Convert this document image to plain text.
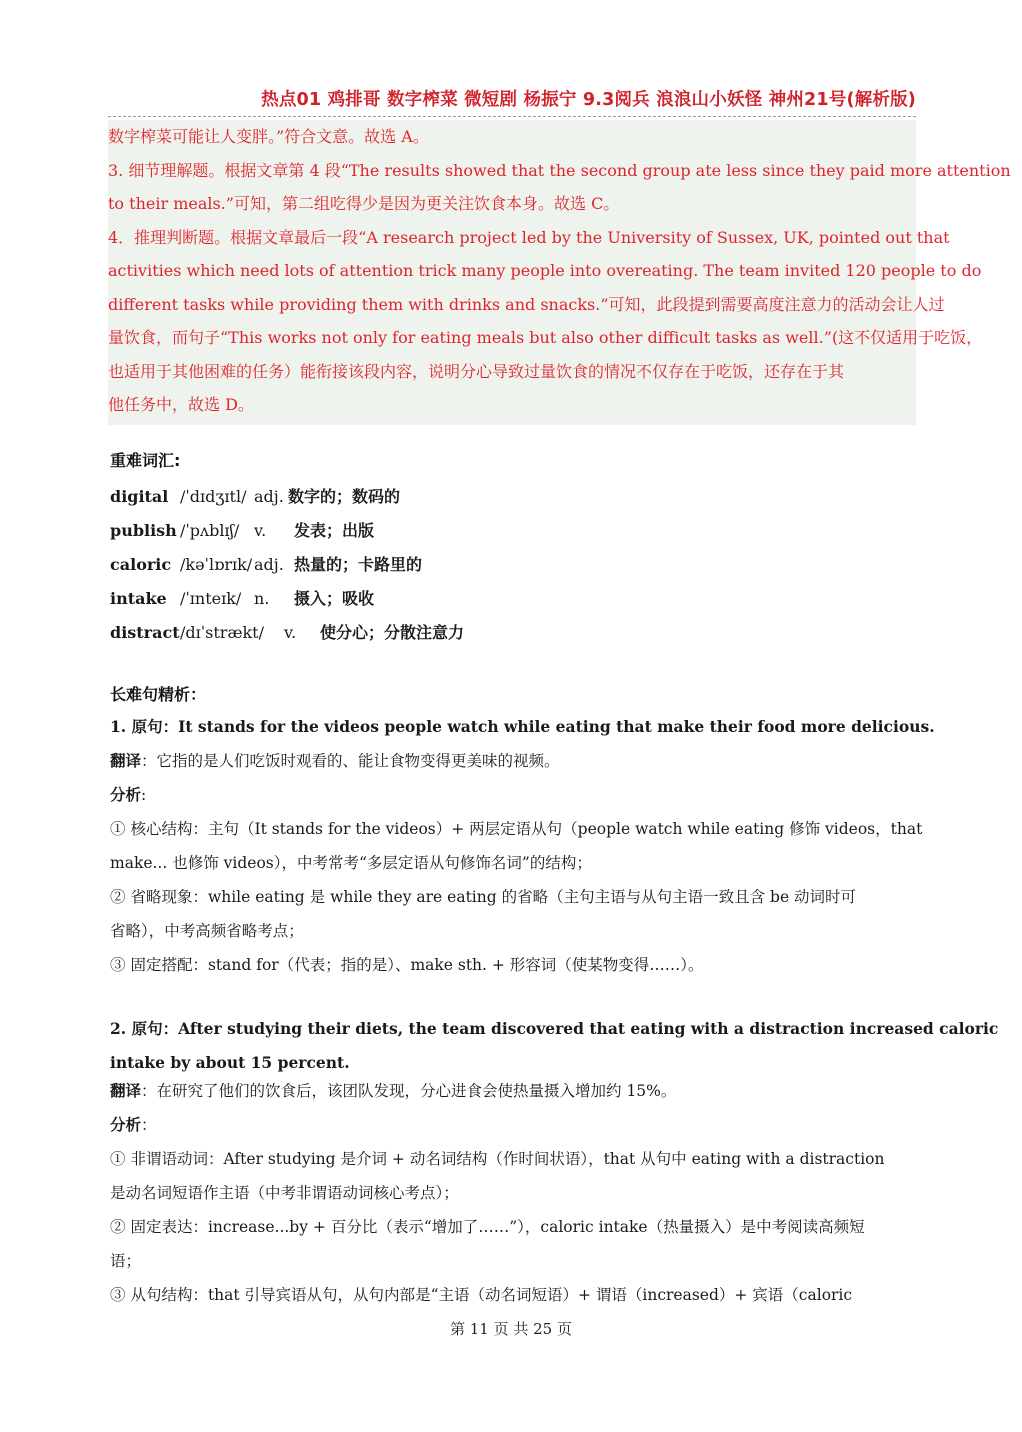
热点01 鸡排哥 数字榨菜 微短剧 杨振宁 9.3阅兵 浪浪山小妖怪 神州21号(解析版)

数字榨菜可能让人变胖。”符合文意。故选 A。

3. 细节理解题。根据文章第 4 段“The results showed that the second group ate less since they paid more attention

to their meals.”可知，第二组吃得少是因为更关注饮食本身。故选 C。

4．推理判断题。根据文章最后一段“A research project led by the University of Sussex, UK, pointed out that

activities which need lots of attention trick many people into overeating. The team invited 120 people to do

different tasks while providing them with drinks and snacks.”可知，此段提到需要高度注意力的活动会让人过

量饮食，而句子“This works not only for eating meals but also other difficult tasks as well.”(这不仅适用于吃饭，

也适用于其他困难的任务）能衔接该段内容，说明分心导致过量饮食的情况不仅存在于吃饭，还存在于其

他任务中，故选 D。

重难词汇:
digital /ˈdɪdʒɪtl/ adj. 数字的；数码的
publish /ˈpʌblɪʃ/ v. 发表；出版
caloric /kəˈlɒrɪk/ adj. 热量的；卡路里的
intake /ˈɪnteɪk/ n. 摄入；吸收
distract/dɪˈstrækt/ v. 使分心；分散注意力
长难句精析：

1. 原句：It stands for the videos people watch while eating that make their food more delicious.

翻译：它指的是人们吃饭时观看的、能让食物变得更美味的视频。

分析:

① 核心结构：主句（It stands for the videos）+ 两层定语从句（people watch while eating 修饰 videos，that

make... 也修饰 videos），中考常考“多层定语从句修饰名词”的结构；

② 省略现象：while eating 是 while they are eating 的省略（主句主语与从句主语一致且含 be 动词时可

省略），中考高频省略考点；

③ 固定搭配：stand for（代表；指的是）、make sth. + 形容词（使某物变得……）。

2. 原句：After studying their diets, the team discovered that eating with a distraction increased caloric

intake by about 15 percent.

翻译：在研究了他们的饮食后，该团队发现，分心进食会使热量摄入增加约 15%。

分析：

① 非谓语动词：After studying 是介词 + 动名词结构（作时间状语），that 从句中 eating with a distraction

是动名词短语作主语（中考非谓语动词核心考点）；

② 固定表达：increase...by + 百分比（表示“增加了……”），caloric intake（热量摄入）是中考阅读高频短

语；

③ 从句结构：that 引导宾语从句，从句内部是“主语（动名词短语）+ 谓语（increased）+ 宾语（caloric

第 11 页 共 25 页
